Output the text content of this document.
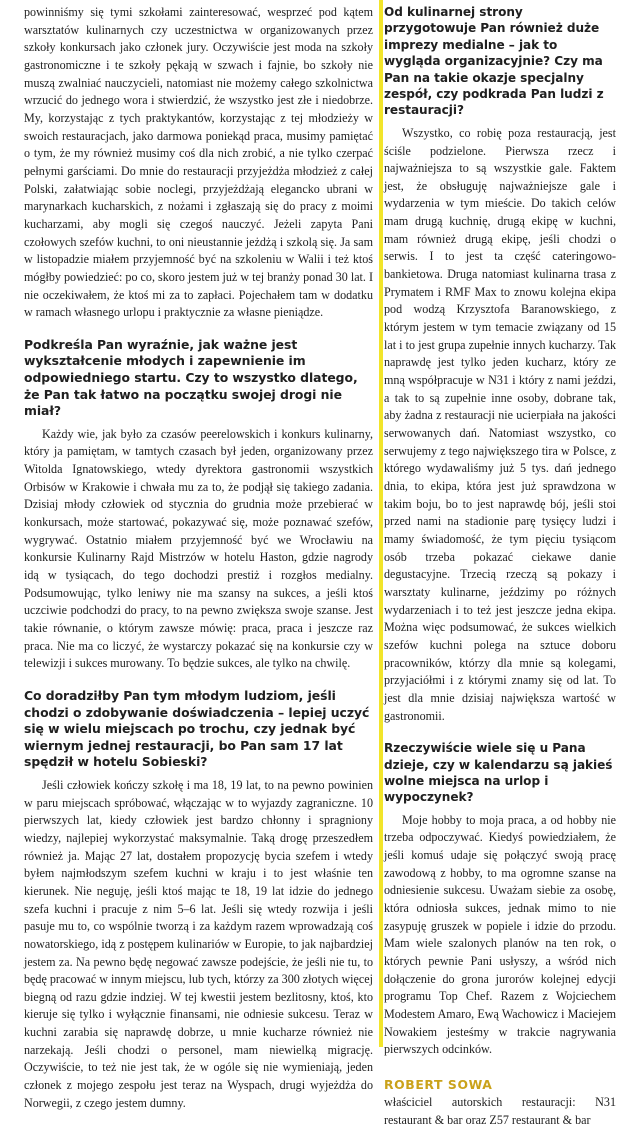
powinniśmy się tymi szkołami zainteresować, wesprzeć pod kątem warsztatów kulinarnych czy uczestnictwa w organizowanych przez szkoły konkursach jako członek jury. Oczywiście jest moda na szkoły gastronomiczne i te szkoły pękają w szwach i fajnie, bo szkoły nie muszą zwalniać nauczycieli, natomiast nie możemy całego szkolnictwa wrzucić do jednego wora i stwierdzić, że wszystko jest złe i niedobrze. My, korzystając z tych praktykantów, korzystając z tej młodzieży w swoich restauracjach, jako darmowa poniekąd praca, musimy pamiętać o tym, że my również musimy coś dla nich zrobić, a nie tylko czerpać pełnymi garściami. Do mnie do restauracji przyjeżdża młodzież z całej Polski, załatwiając sobie noclegi, przyjeżdżają elegancko ubrani w marynarkach kucharskich, z nożami i zgłaszają się do pracy z moimi kucharzami, aby mogli się czegoś nauczyć. Jeżeli zapyta Pani czołowych szefów kuchni, to oni nieustannie jeżdżą i szkolą się. Ja sam w listopadzie miałem przyjemność być na szkoleniu w Walii i też ktoś mógłby powiedzieć: po co, skoro jestem już w tej branży ponad 30 lat. I nie oczekiwałem, że ktoś mi za to zapłaci. Pojechałem tam w dodatku w ramach własnego urlopu i praktycznie za własne pieniądze.

Podkreśla Pan wyraźnie, jak ważne jest wykształcenie młodych i zapewnienie im odpowiedniego startu. Czy to wszystko dlatego, że Pan tak łatwo na początku swojej drogi nie miał?

Każdy wie, jak było za czasów peerelowskich i konkurs kulinarny, który ja pamiętam, w tamtych czasach był jeden, organizowany przez Witolda Ignatowskiego, wtedy dyrektora gastronomii wszystkich Orbisów w Krakowie i chwała mu za to, że podjął się takiego zadania. Dzisiaj młody człowiek od stycznia do grudnia może przebierać w konkursach, może startować, pokazywać się, może poznawać szefów, wygrywać. Ostatnio miałem przyjemność być we Wrocławiu na konkursie Kulinarny Rajd Mistrzów w hotelu Haston, gdzie nagrody idą w tysiącach, do tego dochodzi prestiż i rozgłos medialny. Podsumowując, tylko leniwy nie ma szansy na sukces, a jeśli ktoś uczciwie podchodzi do pracy, to na pewno zwiększa swoje szanse. Jest takie równanie, o którym zawsze mówię: praca, praca i jeszcze raz praca. Nie ma co liczyć, że wystarczy pokazać się na konkursie czy w telewizji i sukces murowany. To będzie sukces, ale tylko na chwilę.

Co doradziłby Pan tym młodym ludziom, jeśli chodzi o zdobywanie doświadczenia – lepiej uczyć się w wielu miejscach po trochu, czy jednak być wiernym jednej restauracji, bo Pan sam 17 lat spędził w hotelu Sobieski?

Jeśli człowiek kończy szkołę i ma 18, 19 lat, to na pewno powinien w paru miejscach spróbować, włączając w to wyjazdy zagraniczne. 10 pierwszych lat, kiedy człowiek jest bardzo chłonny i spragniony wiedzy, najlepiej wykorzystać maksymalnie. Taką drogę przeszedłem również ja. Mając 27 lat, dostałem propozycję bycia szefem i wtedy byłem najmłodszym szefem kuchni w kraju i to jest właśnie ten kierunek. Nie neguję, jeśli ktoś mając te 18, 19 lat idzie do jednego szefa kuchni i pracuje z nim 5–6 lat. Jeśli się wtedy rozwija i jeśli pasuje mu to, co wspólnie tworzą i za każdym razem wprowadzają coś nowatorskiego, idą z postępem kulinariów w Europie, to jak najbardziej jestem za. Na pewno będę negować zawsze podejście, że jeśli nie tu, to będę pracować w innym miejscu, lub tych, którzy za 300 złotych więcej biegną od razu gdzie indziej. W tej kwestii jestem bezlitosny, ktoś, kto kieruje się tylko i wyłącznie finansami, nie odniesie sukcesu. Teraz w kuchni zarabia się naprawdę dobrze, u mnie kucharze również nie narzekają. Jeśli chodzi o personel, mam niewielką migrację. Oczywiście, to też nie jest tak, że w ogóle się nie wymieniają, jeden członek z mojego zespołu jest teraz na Wyspach, drugi wyjeżdża do Norwegii, z czego jestem dumny.

Od kulinarnej strony przygotowuje Pan również duże imprezy medialne – jak to wygląda organizacyjnie? Czy ma Pan na takie okazje specjalny zespół, czy podkrada Pan ludzi z restauracji?

Wszystko, co robię poza restauracją, jest ściśle podzielone. Pierwsza rzecz i najważniejsza to są wszystkie gale. Faktem jest, że obsługuję najważniejsze gale i wydarzenia w tym mieście. Do takich celów mam drugą kuchnię, drugą ekipę w kuchni, mam również drugą ekipę, jeśli chodzi o serwis. I to jest ta część cateringowo-bankietowa. Druga natomiast kulinarna trasa z Prymatem i RMF Max to znowu kolejna ekipa pod wodzą Krzysztofa Baranowskiego, z którym jestem w tym temacie związany od 15 lat i to jest grupa zupełnie innych kucharzy. Tak naprawdę jest tylko jeden kucharz, który ze mną współpracuje w N31 i który z nami jeździ, a tak to są zupełnie inne osoby, dobrane tak, aby żadna z restauracji nie ucierpiała na jakości serwowanych dań. Natomiast wszystko, co serwujemy z tego największego tira w Polsce, z którego wydawaliśmy już 5 tys. dań jednego dnia, to ekipa, która jest już sprawdzona w takim boju, bo to jest naprawdę bój, jeśli stoi przed nami na stadionie parę tysięcy ludzi i mamy świadomość, że tym pięciu tysiącom osób trzeba pokazać ciekawe danie degustacyjne. Trzecią rzeczą są pokazy i warsztaty kulinarne, jeździmy po różnych wydarzeniach i to też jest jeszcze jedna ekipa. Można więc podsumować, że sukces wielkich szefów kuchni polega na sztuce doboru pracowników, którzy dla mnie są kolegami, przyjaciółmi i z którymi znamy się od lat. To jest dla mnie dzisiaj największa wartość w gastronomii.

Rzeczywiście wiele się u Pana dzieje, czy w kalendarzu są jakieś wolne miejsca na urlop i wypoczynek?

Moje hobby to moja praca, a od hobby nie trzeba odpoczywać. Kiedyś powiedziałem, że jeśli komuś udaje się połączyć swoją pracę zawodową z hobby, to ma ogromne szanse na odniesienie sukcesu. Uważam siebie za osobę, która odniosła sukces, jednak mimo to nie zasypuję gruszek w popiele i idzie do przodu. Mam wiele szalonych planów na ten rok, o których pewnie Pani usłyszy, a wśród nich dołączenie do grona jurorów kolejnej edycji programu Top Chef. Razem z Wojciechem Modestem Amaro, Ewą Wachowicz i Maciejem Nowakiem jesteśmy w trakcie nagrywania pierwszych odcinków.

ROBERT SOWA

właściciel autorskich restauracji: N31 restaurant & bar oraz Z57 restaurant & bar
